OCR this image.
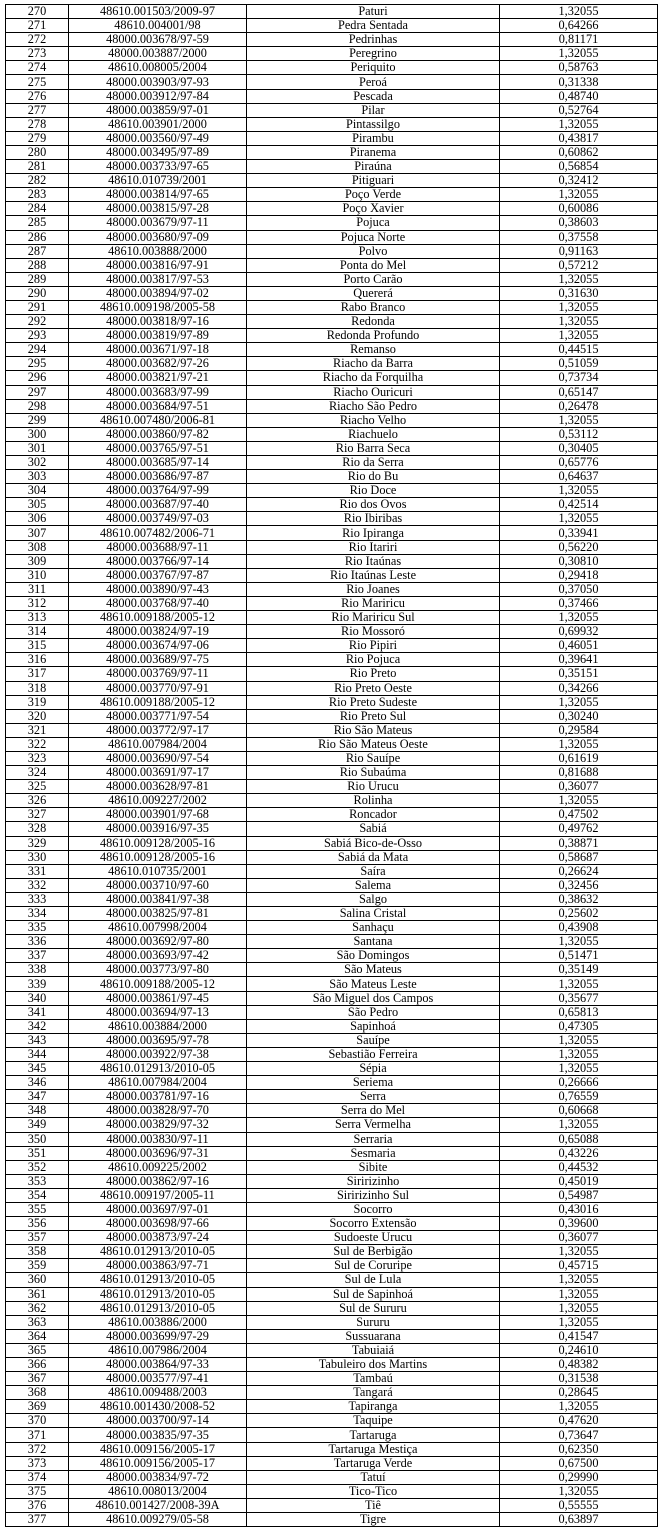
270	48610.001503/2009-97	Paturi	1,32055
271	48610.004001/98	Pedra Sentada	0,64266
272	48000.003678/97-59	Pedrinhas	0,81171
273	48000.003887/2000	Peregrino	1,32055
274	48610.008005/2004	Periquito	0,58763
275	48000.003903/97-93	Peroá	0,31338
276	48000.003912/97-84	Pescada	0,48740
277	48000.003859/97-01	Pilar	0,52764
278	48610.003901/2000	Pintassilgo	1,32055
279	48000.003560/97-49	Pirambu	0,43817
280	48000.003495/97-89	Piranema	0,60862
281	48000.003733/97-65	Piraúna	0,56854
282	48610.010739/2001	Pitiguari	0,32412
283	48000.003814/97-65	Poço Verde	1,32055
284	48000.003815/97-28	Poço Xavier	0,60086
285	48000.003679/97-11	Pojuca	0,38603
286	48000.003680/97-09	Pojuca Norte	0,37558
287	48610.003888/2000	Polvo	0,91163
288	48000.003816/97-91	Ponta do Mel	0,57212
289	48000.003817/97-53	Porto Carão	1,32055
290	48000.003894/97-02	Quererá	0,31630
291	48610.009198/2005-58	Rabo Branco	1,32055
292	48000.003818/97-16	Redonda	1,32055
293	48000.003819/97-89	Redonda Profundo	1,32055
294	48000.003671/97-18	Remanso	0,44515
295	48000.003682/97-26	Riacho da Barra	0,51059
296	48000.003821/97-21	Riacho da Forquilha	0,73734
297	48000.003683/97-99	Riacho Ouricuri	0,65147
298	48000.003684/97-51	Riacho São Pedro	0,26478
299	48610.007480/2006-81	Riacho Velho	1,32055
300	48000.003860/97-82	Riachuelo	0,53112
301	48000.003765/97-51	Rio Barra Seca	0,30405
302	48000.003685/97-14	Rio da Serra	0,65776
303	48000.003686/97-87	Rio do Bu	0,64637
304	48000.003764/97-99	Rio Doce	1,32055
305	48000.003687/97-40	Rio dos Ovos	0,42514
306	48000.003749/97-03	Rio Ibiribas	1,32055
307	48610.007482/2006-71	Rio Ipiranga	0,33941
308	48000.003688/97-11	Rio Itariri	0,56220
309	48000.003766/97-14	Rio Itaúnas	0,30810
310	48000.003767/97-87	Rio Itaúnas Leste	0,29418
311	48000.003890/97-43	Rio Joanes	0,37050
312	48000.003768/97-40	Rio Mariricu	0,37466
313	48610.009188/2005-12	Rio Mariricu Sul	1,32055
314	48000.003824/97-19	Rio Mossoró	0,69932
315	48000.003674/97-06	Rio Pipiri	0,46051
316	48000.003689/97-75	Rio Pojuca	0,39641
317	48000.003769/97-11	Rio Preto	0,35151
318	48000.003770/97-91	Rio Preto Oeste	0,34266
319	48610.009188/2005-12	Rio Preto Sudeste	1,32055
320	48000.003771/97-54	Rio Preto Sul	0,30240
321	48000.003772/97-17	Rio São Mateus	0,29584
322	48610.007984/2004	Rio São Mateus Oeste	1,32055
323	48000.003690/97-54	Rio Sauípe	0,61619
324	48000.003691/97-17	Rio Subaúma	0,81688
325	48000.003628/97-81	Rio Urucu	0,36077
326	48610.009227/2002	Rolinha	1,32055
327	48000.003901/97-68	Roncador	0,47502
328	48000.003916/97-35	Sabiá	0,49762
329	48610.009128/2005-16	Sabiá Bico-de-Osso	0,38871
330	48610.009128/2005-16	Sabiá da Mata	0,58687
331	48610.010735/2001	Saíra	0,26624
332	48000.003710/97-60	Salema	0,32456
333	48000.003841/97-38	Salgo	0,38632
334	48000.003825/97-81	Salina Cristal	0,25602
335	48610.007998/2004	Sanhaçu	0,43908
336	48000.003692/97-80	Santana	1,32055
337	48000.003693/97-42	São Domingos	0,51471
338	48000.003773/97-80	São Mateus	0,35149
339	48610.009188/2005-12	São Mateus Leste	1,32055
340	48000.003861/97-45	São Miguel dos Campos	0,35677
341	48000.003694/97-13	São Pedro	0,65813
342	48610.003884/2000	Sapinhoá	0,47305
343	48000.003695/97-78	Sauípe	1,32055
344	48000.003922/97-38	Sebastião Ferreira	1,32055
345	48610.012913/2010-05	Sépia	1,32055
346	48610.007984/2004	Seriema	0,26666
347	48000.003781/97-16	Serra	0,76559
348	48000.003828/97-70	Serra do Mel	0,60668
349	48000.003829/97-32	Serra Vermelha	1,32055
350	48000.003830/97-11	Serraria	0,65088
351	48000.003696/97-31	Sesmaria	0,43226
352	48610.009225/2002	Sibite	0,44532
353	48000.003862/97-16	Siririzinho	0,45019
354	48610.009197/2005-11	Siririzinho Sul	0,54987
355	48000.003697/97-01	Socorro	0,43016
356	48000.003698/97-66	Socorro Extensão	0,39600
357	48000.003873/97-24	Sudoeste Urucu	0,36077
358	48610.012913/2010-05	Sul de Berbigão	1,32055
359	48000.003863/97-71	Sul de Coruripe	0,45715
360	48610.012913/2010-05	Sul de Lula	1,32055
361	48610.012913/2010-05	Sul de Sapinhoá	1,32055
362	48610.012913/2010-05	Sul de Sururu	1,32055
363	48610.003886/2000	Sururu	1,32055
364	48000.003699/97-29	Sussuarana	0,41547
365	48610.007986/2004	Tabuiaiá	0,24610
366	48000.003864/97-33	Tabuleiro dos Martins	0,48382
367	48000.003577/97-41	Tambaú	0,31538
368	48610.009488/2003	Tangará	0,28645
369	48610.001430/2008-52	Tapiranga	1,32055
370	48000.003700/97-14	Taquipe	0,47620
371	48000.003835/97-35	Tartaruga	0,73647
372	48610.009156/2005-17	Tartaruga Mestiça	0,62350
373	48610.009156/2005-17	Tartaruga Verde	0,67500
374	48000.003834/97-72	Tatuí	0,29990
375	48610.008013/2004	Tico-Tico	1,32055
376	48610.001427/2008-39A	Tiê	0,55555
377	48610.009279/05-58	Tigre	0,63897
